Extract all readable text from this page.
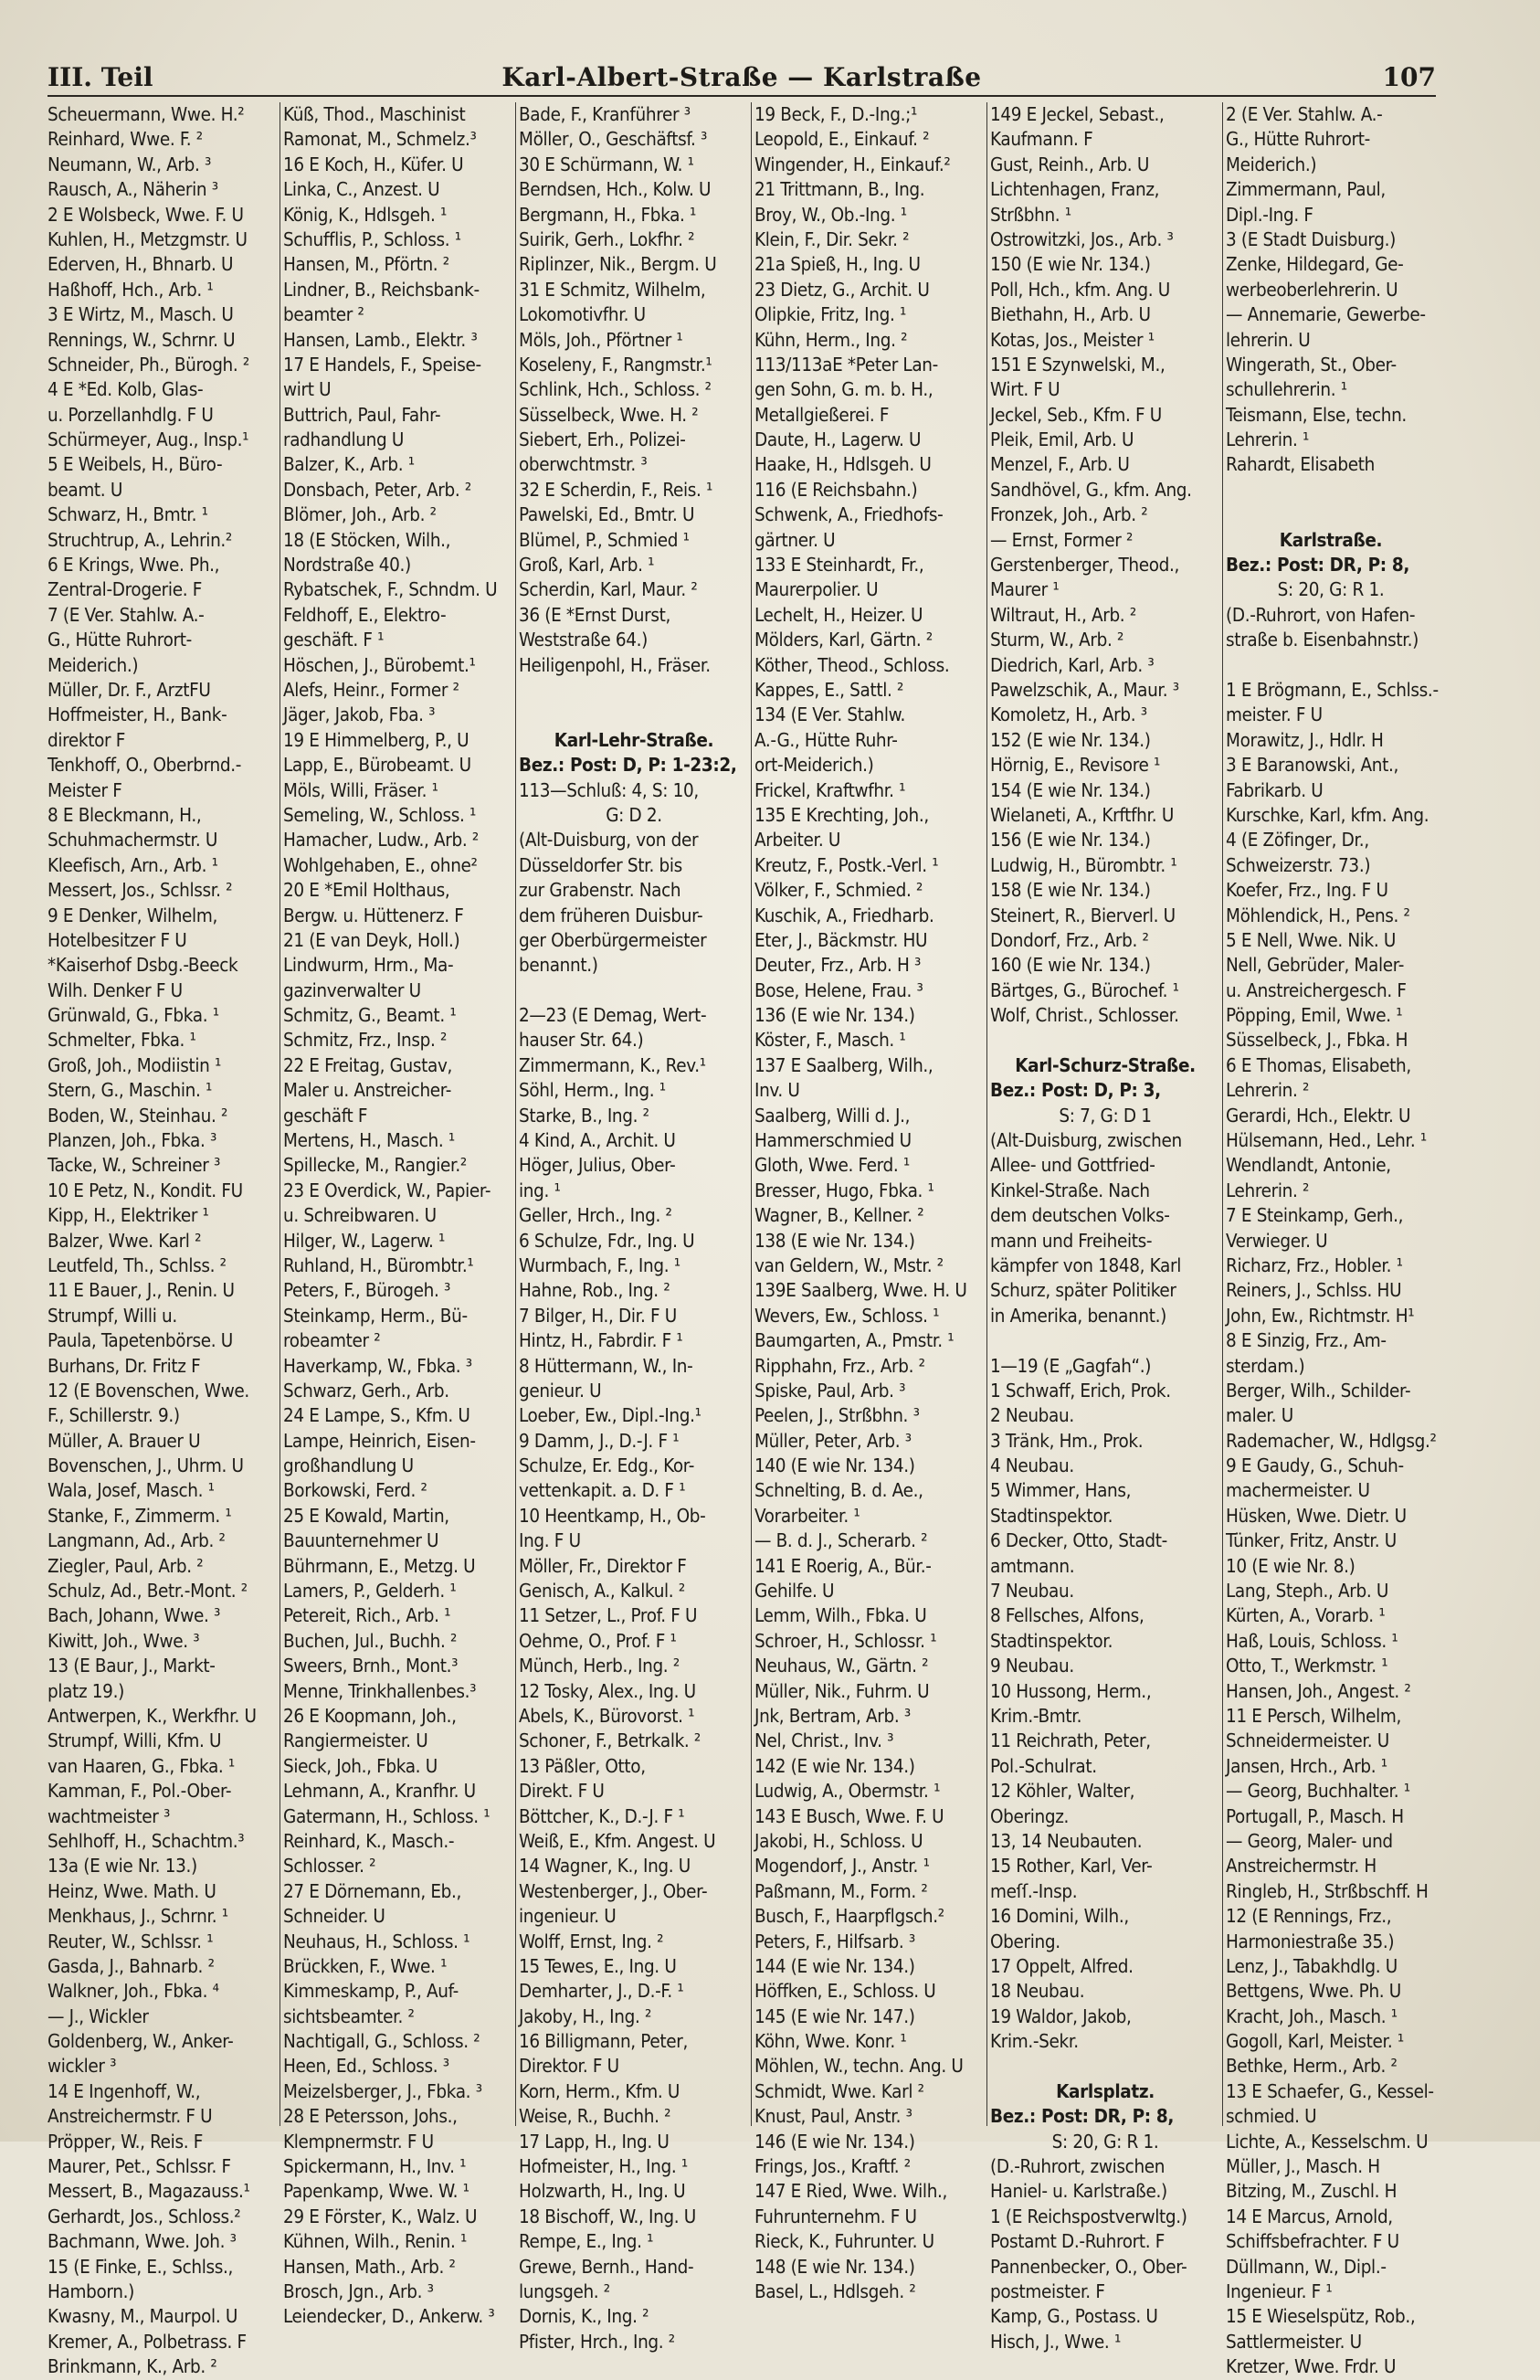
III. Teil	Karl-Albert-Straße — Karlstraße	107
Scheuermann, Wwe. H.²
Reinhard, Wwe. F. ²
Neumann, W., Arb. ³
Rausch, A., Näherin ³
2 E Wolsbeck, Wwe. F. U
Kuhlen, H., Metzgmstr. U
Ederven, H., Bhnarb. U
Haßhoff, Hch., Arb. ¹
3 E Wirtz, M., Masch. U
Rennings, W., Schrnr. U
Schneider, Ph., Bürogh. ²
4 E *Ed. Kolb, Glas-
u. Porzellanhdlg. F U
Schürmeyer, Aug., Insp.¹
5 E Weibels, H., Büro-
beamt. U
Schwarz, H., Bmtr. ¹
Struchtrup, A., Lehrin.²
6 E Krings, Wwe. Ph.,
Zentral-Drogerie. F
7 (E Ver. Stahlw. A.-
G., Hütte Ruhrort-
Meiderich.)
Müller, Dr. F., ArztFU
Hoffmeister, H., Bank-
direktor F
Tenkhoff, O., Oberbrnd.-
Meister F
8 E Bleckmann, H.,
Schuhmachermstr. U
Kleefisch, Arn., Arb. ¹
Messert, Jos., Schlssr. ²
9 E Denker, Wilhelm,
Hotelbesitzer F U
*Kaiserhof Dsbg.-Beeck
Wilh. Denker F U
Grünwald, G., Fbka. ¹
Schmelter, Fbka. ¹
Groß, Joh., Modiistin ¹
Stern, G., Maschin. ¹
Boden, W., Steinhau. ²
Planzen, Joh., Fbka. ³
Tacke, W., Schreiner ³
10 E Petz, N., Kondit. FU
Kipp, H., Elektriker ¹
Balzer, Wwe. Karl ²
Leutfeld, Th., Schlss. ²
11 E Bauer, J., Renin. U
Strumpf, Willi u.
Paula, Tapetenbörse. U
Burhans, Dr. Fritz F
12 (E Bovenschen, Wwe.
F., Schillerstr. 9.)
Müller, A. Brauer U
Bovenschen, J., Uhrm. U
Wala, Josef, Masch. ¹
Stanke, F., Zimmerm. ¹
Langmann, Ad., Arb. ²
Ziegler, Paul, Arb. ²
Schulz, Ad., Betr.-Mont. ²
Bach, Johann, Wwe. ³
Kiwitt, Joh., Wwe. ³
13 (E Baur, J., Markt-
platz 19.)
Antwerpen, K., Werkfhr. U
Strumpf, Willi, Kfm. U
van Haaren, G., Fbka. ¹
Kamman, F., Pol.-Ober-
wachtmeister ³
Sehlhoff, H., Schachtm.³
13a (E wie Nr. 13.)
Heinz, Wwe. Math. U
Menkhaus, J., Schrnr. ¹
Reuter, W., Schlssr. ¹
Gasda, J., Bahnarb. ²
Walkner, Joh., Fbka. ⁴
— J., Wickler
Goldenberg, W., Anker-
wickler ³
14 E Ingenhoff, W.,
Anstreichermstr. F U
Pröpper, W., Reis. F
Maurer, Pet., Schlssr. F
Messert, B., Magazauss.¹
Gerhardt, Jos., Schloss.²
Bachmann, Wwe. Joh. ³
15 (E Finke, E., Schlss.,
Hamborn.)
Kwasny, M., Maurpol. U
Kremer, A., Polbetrass. F
Brinkmann, K., Arb. ²
Küß, Thod., Maschinist
Ramonat, M., Schmelz.³
16 E Koch, H., Küfer. U
Linka, C., Anzest. U
König, K., Hdlsgeh. ¹
Schufflis, P., Schloss. ¹
Hansen, M., Pförtn. ²
Lindner, B., Reichsbank-
beamter ²
Hansen, Lamb., Elektr. ³
17 E Handels, F., Speise-
wirt U
Buttrich, Paul, Fahr-
radhandlung U
Balzer, K., Arb. ¹
Donsbach, Peter, Arb. ²
Blömer, Joh., Arb. ²
18 (E Stöcken, Wilh.,
Nordstraße 40.)
Rybatschek, F., Schndm. U
Feldhoff, E., Elektro-
geschäft. F ¹
Höschen, J., Bürobemt.¹
Alefs, Heinr., Former ²
Jäger, Jakob, Fba. ³
19 E Himmelberg, P., U
Lapp, E., Bürobeamt. U
Möls, Willi, Fräser. ¹
Semeling, W., Schloss. ¹
Hamacher, Ludw., Arb. ²
Wohlgehaben, E., ohne²
20 E *Emil Holthaus,
Bergw. u. Hüttenerz. F
21 (E van Deyk, Holl.)
Lindwurm, Hrm., Ma-
gazinverwalter U
Schmitz, G., Beamt. ¹
Schmitz, Frz., Insp. ²
22 E Freitag, Gustav,
Maler u. Anstreicher-
geschäft F
Mertens, H., Masch. ¹
Spillecke, M., Rangier.²
23 E Overdick, W., Papier-
u. Schreibwaren. U
Hilger, W., Lagerw. ¹
Ruhland, H., Bürombtr.¹
Peters, F., Bürogeh. ³
Steinkamp, Herm., Bü-
robeamter ²
Haverkamp, W., Fbka. ³
Schwarz, Gerh., Arb.
24 E Lampe, S., Kfm. U
Lampe, Heinrich, Eisen-
großhandlung U
Borkowski, Ferd. ²
25 E Kowald, Martin,
Bauunternehmer U
Bührmann, E., Metzg. U
Lamers, P., Gelderh. ¹
Petereit, Rich., Arb. ¹
Buchen, Jul., Buchh. ²
Sweers, Brnh., Mont.³
Menne, Trinkhallenbes.³
26 E Koopmann, Joh.,
Rangiermeister. U
Sieck, Joh., Fbka. U
Lehmann, A., Kranfhr. U
Gatermann, H., Schloss. ¹
Reinhard, K., Masch.-
Schlosser. ²
27 E Dörnemann, Eb.,
Schneider. U
Neuhaus, H., Schloss. ¹
Brückken, F., Wwe. ¹
Kimmeskamp, P., Auf-
sichtsbeamter. ²
Nachtigall, G., Schloss. ²
Heen, Ed., Schloss. ³
Meizelsberger, J., Fbka. ³
28 E Petersson, Johs.,
Klempnermstr. F U
Spickermann, H., Inv. ¹
Papenkamp, Wwe. W. ¹
29 E Förster, K., Walz. U
Kühnen, Wilh., Renin. ¹
Hansen, Math., Arb. ²
Brosch, Jgn., Arb. ³
Leiendecker, D., Ankerw. ³
Bade, F., Kranführer ³
Möller, O., Geschäftsf. ³
30 E Schürmann, W. ¹
Berndsen, Hch., Kolw. U
Bergmann, H., Fbka. ¹
Suirik, Gerh., Lokfhr. ²
Riplinzer, Nik., Bergm. U
31 E Schmitz, Wilhelm,
Lokomotivfhr. U
Möls, Joh., Pförtner ¹
Koseleny, F., Rangmstr.¹
Schlink, Hch., Schloss. ²
Süsselbeck, Wwe. H. ²
Siebert, Erh., Polizei-
oberwchtmstr. ³
32 E Scherdin, F., Reis. ¹
Pawelski, Ed., Bmtr. U
Blümel, P., Schmied ¹
Groß, Karl, Arb. ¹
Scherdin, Karl, Maur. ²
36 (E *Ernst Durst,
Weststraße 64.)
Heiligenpohl, H., Fräser.
Karl-Lehr-Straße.
Bez.: Post: D, P: 1-23:2,
113—Schluß: 4, S: 10,
G: D 2.
(Alt-Duisburg, von der
Düsseldorfer Str. bis
zur Grabenstr. Nach
dem früheren Duisbur-
ger Oberbürgermeister
benannt.)
2—23 (E Demag, Wert-
hauser Str. 64.)
Zimmermann, K., Rev.¹
Söhl, Herm., Ing. ¹
Starke, B., Ing. ²
4 Kind, A., Archit. U
Höger, Julius, Ober-
ing. ¹
Geller, Hrch., Ing. ²
6 Schulze, Fdr., Ing. U
Wurmbach, F., Ing. ¹
Hahne, Rob., Ing. ²
7 Bilger, H., Dir. F U
Hintz, H., Fabrdir. F ¹
8 Hüttermann, W., In-
genieur. U
Loeber, Ew., Dipl.-Ing.¹
9 Damm, J., D.-J. F ¹
Schulze, Er. Edg., Kor-
vettenkapit. a. D. F ¹
10 Heentkamp, H., Ob-
Ing. F U
Möller, Fr., Direktor F
Genisch, A., Kalkul. ²
11 Setzer, L., Prof. F U
Oehme, O., Prof. F ¹
Münch, Herb., Ing. ²
12 Tosky, Alex., Ing. U
Abels, K., Bürovorst. ¹
Schoner, F., Betrkalk. ²
13 Päßler, Otto,
Direkt. F U
Böttcher, K., D.-J. F ¹
Weiß, E., Kfm. Angest. U
14 Wagner, K., Ing. U
Westenberger, J., Ober-
ingenieur. U
Wolff, Ernst, Ing. ²
15 Tewes, E., Ing. U
Demharter, J., D.-F. ¹
Jakoby, H., Ing. ²
16 Billigmann, Peter,
Direktor. F U
Korn, Herm., Kfm. U
Weise, R., Buchh. ²
17 Lapp, H., Ing. U
Hofmeister, H., Ing. ¹
Holzwarth, H., Ing. U
18 Bischoff, W., Ing. U
Rempe, E., Ing. ¹
Grewe, Bernh., Hand-
lungsgeh. ²
Dornis, K., Ing. ²
Pfister, Hrch., Ing. ²
19 Beck, F., D.-Ing.;¹
Leopold, E., Einkauf. ²
Wingender, H., Einkauf.²
21 Trittmann, B., Ing.
Broy, W., Ob.-Ing. ¹
Klein, F., Dir. Sekr. ²
21a Spieß, H., Ing. U
23 Dietz, G., Archit. U
Olipkie, Fritz, Ing. ¹
Kühn, Herm., Ing. ²
113/113aE *Peter Lan-
gen Sohn, G. m. b. H.,
Metallgießerei. F
Daute, H., Lagerw. U
Haake, H., Hdlsgeh. U
116 (E Reichsbahn.)
Schwenk, A., Friedhofs-
gärtner. U
133 E Steinhardt, Fr.,
Maurerpolier. U
Lechelt, H., Heizer. U
Mölders, Karl, Gärtn. ²
Köther, Theod., Schloss.
Kappes, E., Sattl. ²
134 (E Ver. Stahlw.
A.-G., Hütte Ruhr-
ort-Meiderich.)
Frickel, Kraftwfhr. ¹
135 E Krechting, Joh.,
Arbeiter. U
Kreutz, F., Postk.-Verl. ¹
Völker, F., Schmied. ²
Kuschik, A., Friedharb.
Eter, J., Bäckmstr. HU
Deuter, Frz., Arb. H ³
Bose, Helene, Frau. ³
136 (E wie Nr. 134.)
Köster, F., Masch. ¹
137 E Saalberg, Wilh.,
Inv. U
Saalberg, Willi d. J.,
Hammerschmied U
Gloth, Wwe. Ferd. ¹
Bresser, Hugo, Fbka. ¹
Wagner, B., Kellner. ²
138 (E wie Nr. 134.)
van Geldern, W., Mstr. ²
139E Saalberg, Wwe. H. U
Wevers, Ew., Schloss. ¹
Baumgarten, A., Pmstr. ¹
Ripphahn, Frz., Arb. ²
Spiske, Paul, Arb. ³
Peelen, J., Strßbhn. ³
Müller, Peter, Arb. ³
140 (E wie Nr. 134.)
Schnelting, B. d. Ae.,
Vorarbeiter. ¹
— B. d. J., Scherarb. ²
141 E Roerig, A., Bür.-
Gehilfe. U
Lemm, Wilh., Fbka. U
Schroer, H., Schlossr. ¹
Neuhaus, W., Gärtn. ²
Müller, Nik., Fuhrm. U
Jnk, Bertram, Arb. ³
Nel, Christ., Inv. ³
142 (E wie Nr. 134.)
Ludwig, A., Obermstr. ¹
143 E Busch, Wwe. F. U
Jakobi, H., Schloss. U
Mogendorf, J., Anstr. ¹
Paßmann, M., Form. ²
Busch, F., Haarpflgsch.²
Peters, F., Hilfsarb. ³
144 (E wie Nr. 134.)
Höffken, E., Schloss. U
145 (E wie Nr. 147.)
Köhn, Wwe. Konr. ¹
Möhlen, W., techn. Ang. U
Schmidt, Wwe. Karl ²
Knust, Paul, Anstr. ³
146 (E wie Nr. 134.)
Frings, Jos., Kraftf. ²
147 E Ried, Wwe. Wilh.,
Fuhrunternehm. F U
Rieck, K., Fuhrunter. U
148 (E wie Nr. 134.)
Basel, L., Hdlsgeh. ²
149 E Jeckel, Sebast.,
Kaufmann. F
Gust, Reinh., Arb. U
Lichtenhagen, Franz,
Strßbhn. ¹
Ostrowitzki, Jos., Arb. ³
150 (E wie Nr. 134.)
Poll, Hch., kfm. Ang. U
Biethahn, H., Arb. U
Kotas, Jos., Meister ¹
151 E Szynwelski, M.,
Wirt. F U
Jeckel, Seb., Kfm. F U
Pleik, Emil, Arb. U
Menzel, F., Arb. U
Sandhövel, G., kfm. Ang.
Fronzek, Joh., Arb. ²
— Ernst, Former ²
Gerstenberger, Theod.,
Maurer ¹
Wiltraut, H., Arb. ²
Sturm, W., Arb. ²
Diedrich, Karl, Arb. ³
Pawelzschik, A., Maur. ³
Komoletz, H., Arb. ³
152 (E wie Nr. 134.)
Hörnig, E., Revisore ¹
154 (E wie Nr. 134.)
Wielaneti, A., Krftfhr. U
156 (E wie Nr. 134.)
Ludwig, H., Bürombtr. ¹
158 (E wie Nr. 134.)
Steinert, R., Bierverl. U
Dondorf, Frz., Arb. ²
160 (E wie Nr. 134.)
Bärtges, G., Bürochef. ¹
Wolf, Christ., Schlosser.
Karl-Schurz-Straße.
Bez.: Post: D, P: 3,
S: 7, G: D 1
(Alt-Duisburg, zwischen
Allee- und Gottfried-
Kinkel-Straße. Nach
dem deutschen Volks-
mann und Freiheits-
kämpfer von 1848, Karl
Schurz, später Politiker
in Amerika, benannt.)
1—19 (E „Gagfah“.)
1 Schwaff, Erich, Prok.
2 Neubau.
3 Tränk, Hm., Prok.
4 Neubau.
5 Wimmer, Hans,
Stadtinspektor.
6 Decker, Otto, Stadt-
amtmann.
7 Neubau.
8 Fellsches, Alfons,
Stadtinspektor.
9 Neubau.
10 Hussong, Herm.,
Krim.-Bmtr.
11 Reichrath, Peter,
Pol.-Schulrat.
12 Köhler, Walter,
Oberingz.
13, 14 Neubauten.
15 Rother, Karl, Ver-
meſſ.-Insp.
16 Domini, Wilh.,
Obering.
17 Oppelt, Alfred.
18 Neubau.
19 Waldor, Jakob,
Krim.-Sekr.
Karlsplatz.
Bez.: Post: DR, P: 8,
S: 20, G: R 1.
(D.-Ruhrort, zwischen
Haniel- u. Karlstraße.)
1 (E Reichspostverwltg.)
Postamt D.-Ruhrort. F
Pannenbecker, O., Ober-
postmeister. F
Kamp, G., Postass. U
Hisch, J., Wwe. ¹
2 (E Ver. Stahlw. A.-
G., Hütte Ruhrort-
Meiderich.)
Zimmermann, Paul,
Dipl.-Ing. F
3 (E Stadt Duisburg.)
Zenke, Hildegard, Ge-
werbeoberlehrerin. U
— Annemarie, Gewerbe-
lehrerin. U
Wingerath, St., Ober-
schullehrerin. ¹
Teismann, Else, techn.
Lehrerin. ¹
Rahardt, Elisabeth
Karlstraße.
Bez.: Post: DR, P: 8,
S: 20, G: R 1.
(D.-Ruhrort, von Hafen-
straße b. Eisenbahnstr.)
1 E Brögmann, E., Schlss.-
meister. F U
Morawitz, J., Hdlr. H
3 E Baranowski, Ant.,
Fabrikarb. U
Kurschke, Karl, kfm. Ang.
4 (E Zöfinger, Dr.,
Schweizerstr. 73.)
Koefer, Frz., Ing. F U
Möhlendick, H., Pens. ²
5 E Nell, Wwe. Nik. U
Nell, Gebrüder, Maler-
u. Anstreichergesch. F
Pöpping, Emil, Wwe. ¹
Süsselbeck, J., Fbka. H
6 E Thomas, Elisabeth,
Lehrerin. ²
Gerardi, Hch., Elektr. U
Hülsemann, Hed., Lehr. ¹
Wendlandt, Antonie,
Lehrerin. ²
7 E Steinkamp, Gerh.,
Verwieger. U
Richarz, Frz., Hobler. ¹
Reiners, J., Schlss. HU
John, Ew., Richtmstr. H¹
8 E Sinzig, Frz., Am-
sterdam.)
Berger, Wilh., Schilder-
maler. U
Rademacher, W., Hdlgsg.²
9 E Gaudy, G., Schuh-
machermeister. U
Hüsken, Wwe. Dietr. U
Tünker, Fritz, Anstr. U
10 (E wie Nr. 8.)
Lang, Steph., Arb. U
Kürten, A., Vorarb. ¹
Haß, Louis, Schloss. ¹
Otto, T., Werkmstr. ¹
Hansen, Joh., Angest. ²
11 E Persch, Wilhelm,
Schneidermeister. U
Jansen, Hrch., Arb. ¹
— Georg, Buchhalter. ¹
Portugall, P., Masch. H
— Georg, Maler- und
Anstreichermstr. H
Ringleb, H., Strßbschff. H
12 (E Rennings, Frz.,
Harmoniestraße 35.)
Lenz, J., Tabakhdlg. U
Bettgens, Wwe. Ph. U
Kracht, Joh., Masch. ¹
Gogoll, Karl, Meister. ¹
Bethke, Herm., Arb. ²
13 E Schaefer, G., Kessel-
schmied. U
Lichte, A., Kesselschm. U
Müller, J., Masch. H
Bitzing, M., Zuschl. H
14 E Marcus, Arnold,
Schiffsbefrachter. F U
Düllmann, W., Dipl.-
Ingenieur. F ¹
15 E Wieselspütz, Rob.,
Sattlermeister. U
Kretzer, Wwe. Frdr. U
